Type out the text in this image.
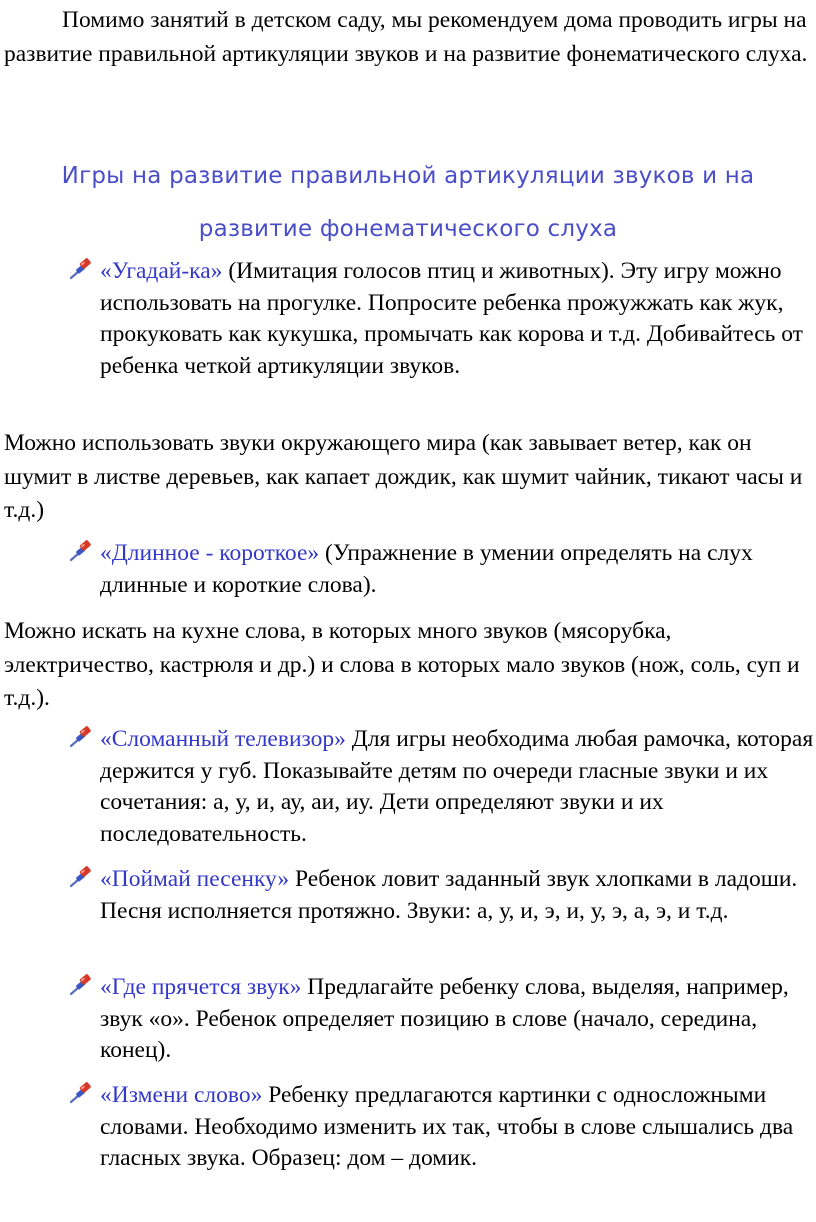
Помимо занятий в детском саду, мы рекомендуем дома проводить игры на развитие правильной артикуляции звуков и на развитие фонематического слуха.

Игры на развитие правильной артикуляции звуков и на
развитие фонематического слуха
«Угадай-ка» (Имитация голосов птиц и животных). Эту игру можно использовать на прогулке. Попросите ребенка прожужжать как жук, прокуковать как кукушка, промычать как корова и т.д. Добивайтесь от ребенка четкой артикуляции звуков.

Можно использовать звуки окружающего мира (как завывает ветер, как он шумит в листве деревьев, как капает дождик, как шумит чайник, тикают часы и т.д.)

«Длинное - короткое» (Упражнение в умении определять на слух длинные и короткие слова).

Можно искать на кухне слова, в которых много звуков (мясорубка, электричество, кастрюля и др.) и слова в которых мало звуков (нож, соль, суп и т.д.).

«Сломанный телевизор» Для игры необходима любая рамочка, которая держится у губ. Показывайте детям по очереди гласные звуки и их сочетания: а, у, и, ау, аи, иу. Дети определяют звуки и их последовательность.
«Поймай песенку» Ребенок ловит заданный звук хлопками в ладоши. Песня исполняется протяжно. Звуки: а, у, и, э, и, у, э, а, э, и т.д.
«Где прячется звук» Предлагайте ребенку слова, выделяя, например, звук «о». Ребенок определяет позицию в слове (начало, середина, конец).
«Измени слово» Ребенку предлагаются картинки с односложными словами. Необходимо изменить их так, чтобы в слове слышались два гласных звука. Образец: дом – домик.
